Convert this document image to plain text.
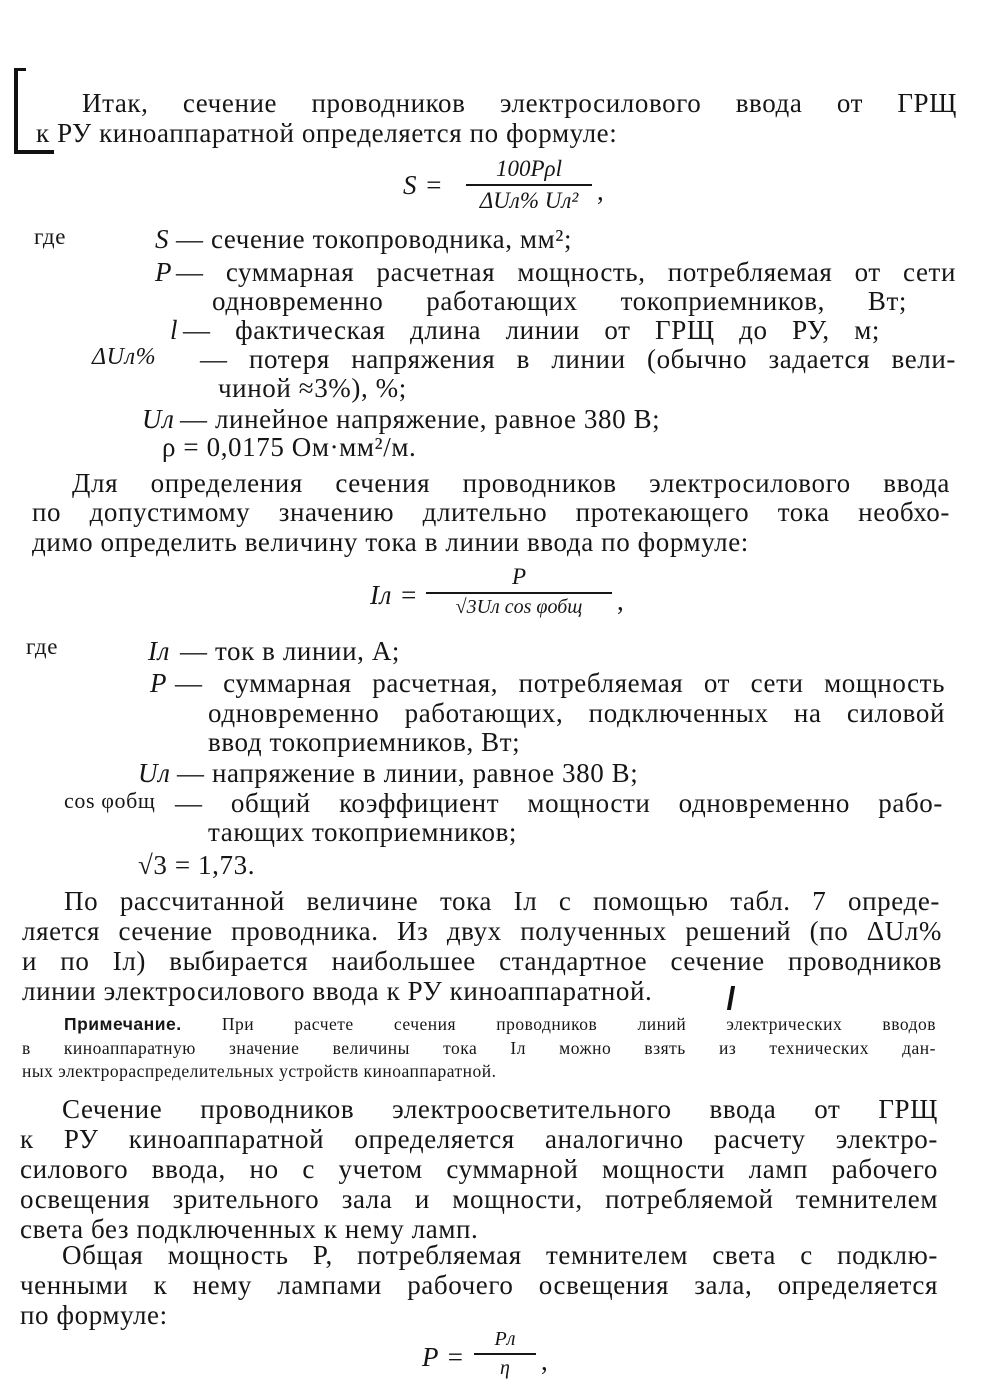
Итак, сечение проводников электросилового ввода от ГРЩ
к РУ киноаппаратной определяется по формуле:
S =
100Pρl
ΔUл% Uл² ,
где	S — сечение токопроводника, мм²;
P — суммарная расчетная мощность, потребляемая от сети
одновременно работающих токоприемников, Вт;
l — фактическая длина линии от ГРЩ до РУ, м;
ΔUл% — потеря напряжения в линии (обычно задается вели-
чиной ≈3%), %;
Uл — линейное напряжение, равное 380 В;
ρ = 0,0175 Ом·мм²/м.
Для определения сечения проводников электросилового ввода
по допустимому значению длительно протекающего тока необхо-
димо определить величину тока в линии ввода по формуле:
Iл =
P
√3Uл cos φобщ	,
где	Iл — ток в линии, А;
P — суммарная расчетная, потребляемая от сети мощность
одновременно работающих, подключенных на силовой
ввод токоприемников, Вт;
Uл — напряжение в линии, равное 380 В;
cos φобщ — общий коэффициент мощности одновременно рабо-
тающих токоприемников;
√3 = 1,73.
По рассчитанной величине тока Iл с помощью табл. 7 опреде-
ляется сечение проводника. Из двух полученных решений (по ΔUл%
и по Iл) выбирается наибольшее стандартное сечение проводников
линии электросилового ввода к РУ киноаппаратной.
Примечание. При расчете сечения проводников линий электрических вводов
в киноаппаратную значение величины тока Iл можно взять из технических дан-
ных электрораспределительных устройств киноаппаратной.
Сечение проводников электроосветительного ввода от ГРЩ
к РУ киноаппаратной определяется аналогично расчету электро-
силового ввода, но с учетом суммарной мощности ламп рабочего
освещения зрительного зала и мощности, потребляемой темнителем
света без подключенных к нему ламп.
Общая мощность P, потребляемая темнителем света с подклю-
ченными к нему лампами рабочего освещения зала, определяется
по формуле:
P =
Pл
η	,
